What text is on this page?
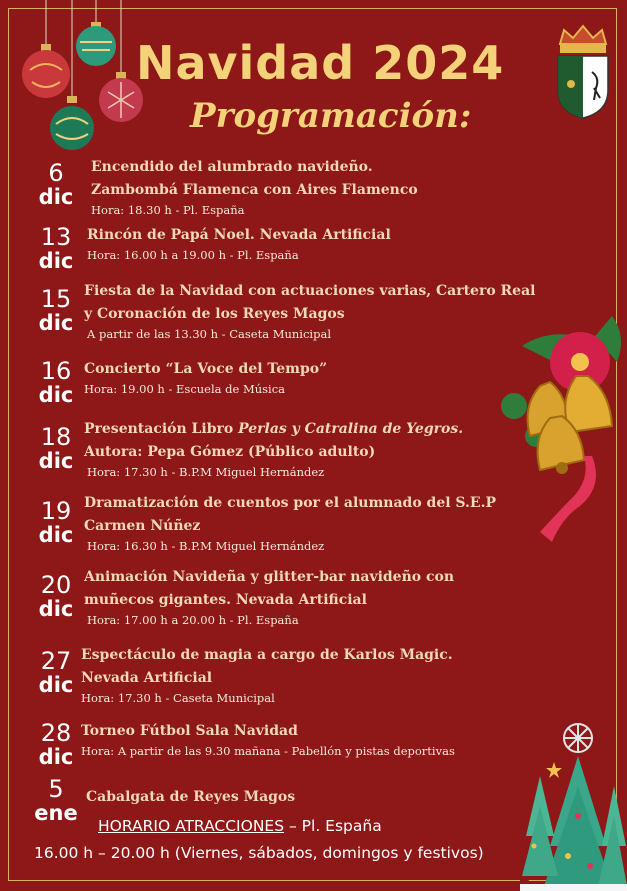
Navidad 2024
Programación:
6
dic
Encendido del alumbrado navideño.
Zambombá Flamenca con Aires Flamenco
Hora: 18.30 h - Pl. España
13
dic
Rincón de Papá Noel. Nevada Artificial
Hora: 16.00 h a 19.00 h - Pl. España
15
dic
Fiesta de la Navidad con actuaciones varias, Cartero Real
y Coronación de los Reyes Magos
A partir de las 13.30 h - Caseta Municipal
16
dic
Concierto “La Voce del Tempo”
Hora: 19.00 h - Escuela de Música
18
dic
Presentación Libro Perlas y Catralina de Yegros.
Autora: Pepa Gómez (Público adulto)
Hora: 17.30 h - B.P.M Miguel Hernández
19
dic
Dramatización de cuentos por el alumnado del S.E.P
Carmen Núñez
Hora: 16.30 h - B.P.M Miguel Hernández
20
dic
Animación Navideña y glitter-bar navideño con
muñecos gigantes. Nevada Artificial
Hora: 17.00 h a 20.00 h - Pl. España
27
dic
Espectáculo de magia a cargo de Karlos Magic.
Nevada Artificial
Hora: 17.30 h - Caseta Municipal
28
dic
Torneo Fútbol Sala Navidad
Hora: A partir de las 9.30 mañana - Pabellón y pistas deportivas
5
ene
Cabalgata de Reyes Magos
HORARIO ATRACCIONES – Pl. España
16.00 h – 20.00 h (Viernes, sábados, domingos y festivos)
